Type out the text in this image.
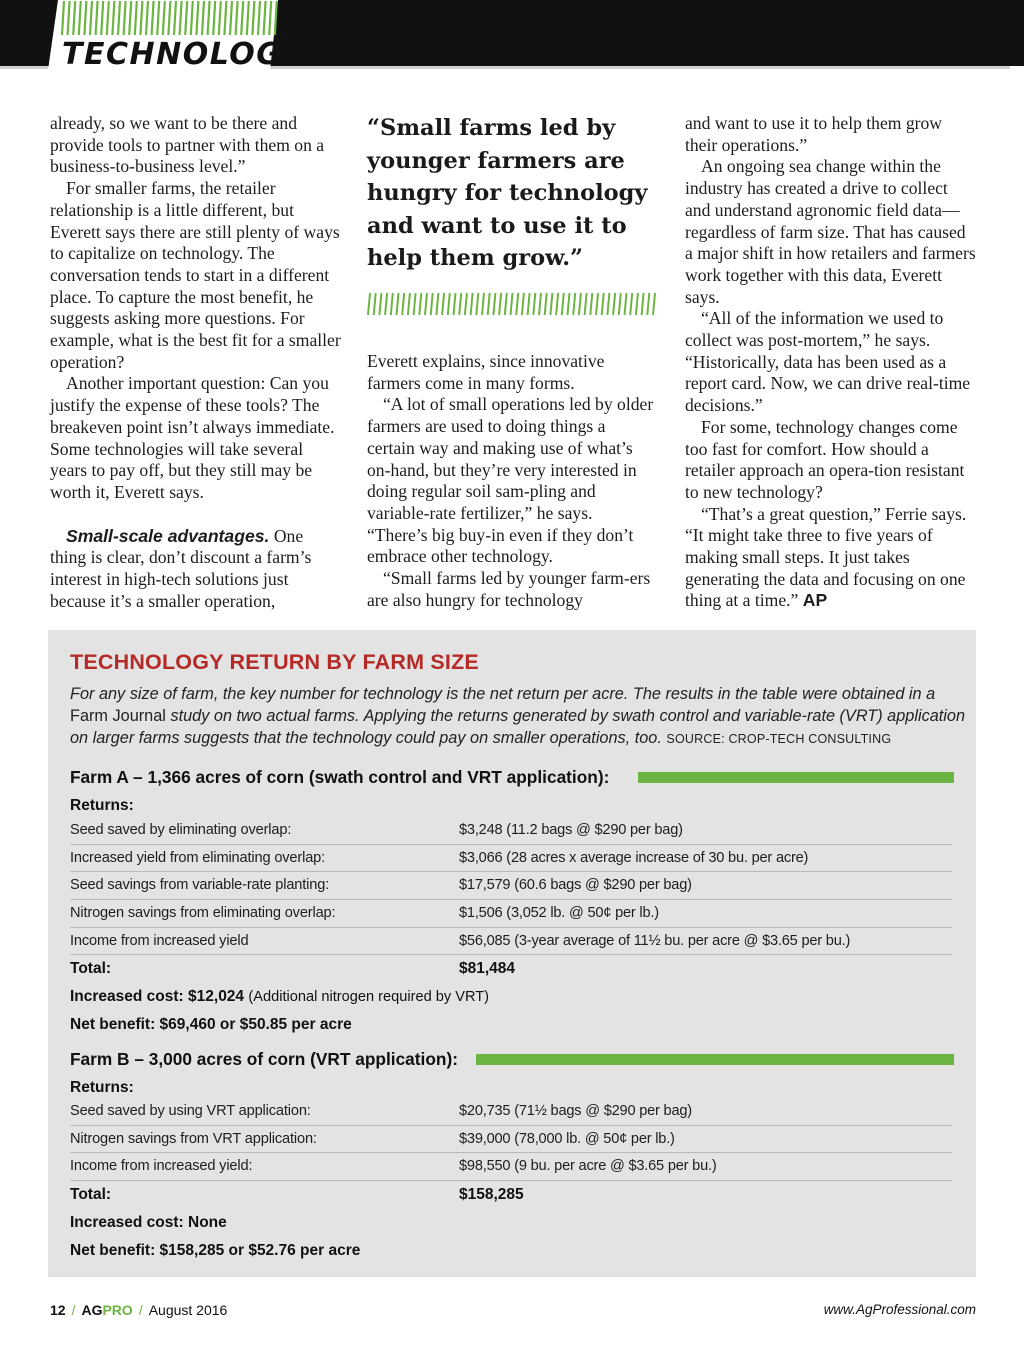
TECHNOLOGY

already, so we want to be there and provide tools to partner with them on a business-to-business level.”

For smaller farms, the retailer relationship is a little different, but Everett says there are still plenty of ways to capitalize on technology. The conversation tends to start in a different place. To capture the most benefit, he suggests asking more questions. For example, what is the best fit for a smaller operation?

Another important question: Can you justify the expense of these tools? The breakeven point isn’t always immediate. Some technologies will take several years to pay off, but they still may be worth it, Everett says.

Small-scale advantages. One thing is clear, don’t discount a farm’s interest in high-tech solutions just because it’s a smaller operation,

“Small farms led by younger farmers are hungry for technology and want to use it to help them grow.”

Everett explains, since innovative farmers come in many forms.

“A lot of small operations led by older farmers are used to doing things a certain way and making use of what’s on-hand, but they’re very interested in doing regular soil sam-pling and variable-rate fertilizer,” he says. “There’s big buy-in even if they don’t embrace other technology.

“Small farms led by younger farm-ers are also hungry for technology

and want to use it to help them grow their operations.”

An ongoing sea change within the industry has created a drive to collect and understand agronomic field data—regardless of farm size. That has caused a major shift in how retailers and farmers work together with this data, Everett says.

“All of the information we used to collect was post-mortem,” he says. “Historically, data has been used as a report card. Now, we can drive real-time decisions.”

For some, technology changes come too fast for comfort. How should a retailer approach an opera-tion resistant to new technology?

“That’s a great question,” Ferrie says. “It might take three to five years of making small steps. It just takes generating the data and focusing on one thing at a time.” AP

TECHNOLOGY RETURN BY FARM SIZE
For any size of farm, the key number for technology is the net return per acre. The results in the table were obtained in a Farm Journal study on two actual farms. Applying the returns generated by swath control and variable-rate (VRT) application on larger farms suggests that the technology could pay on smaller operations, too. SOURCE: CROP-TECH CONSULTING
Farm A – 1,366 acres of corn (swath control and VRT application):
Returns:
Seed saved by eliminating overlap:	$3,248 (11.2 bags @ $290 per bag)
Increased yield from eliminating overlap:	$3,066 (28 acres x average increase of 30 bu. per acre)
Seed savings from variable-rate planting:	$17,579 (60.6 bags @ $290 per bag)
Nitrogen savings from eliminating overlap:	$1,506 (3,052 lb. @ 50¢ per lb.)
Income from increased yield	$56,085 (3-year average of 11½ bu. per acre @ $3.65 per bu.)
Total:	$81,484
Increased cost: $12,024 (Additional nitrogen required by VRT)
Net benefit: $69,460 or $50.85 per acre
Farm B – 3,000 acres of corn (VRT application):
Returns:
Seed saved by using VRT application:	$20,735 (71½ bags @ $290 per bag)
Nitrogen savings from VRT application:	$39,000 (78,000 lb. @ 50¢ per lb.)
Income from increased yield:	$98,550 (9 bu. per acre @ $3.65 per bu.)
Total:	$158,285
Increased cost: None
Net benefit: $158,285 or $52.76 per acre
12 / AGPRO / August 2016	www.AgProfessional.com
